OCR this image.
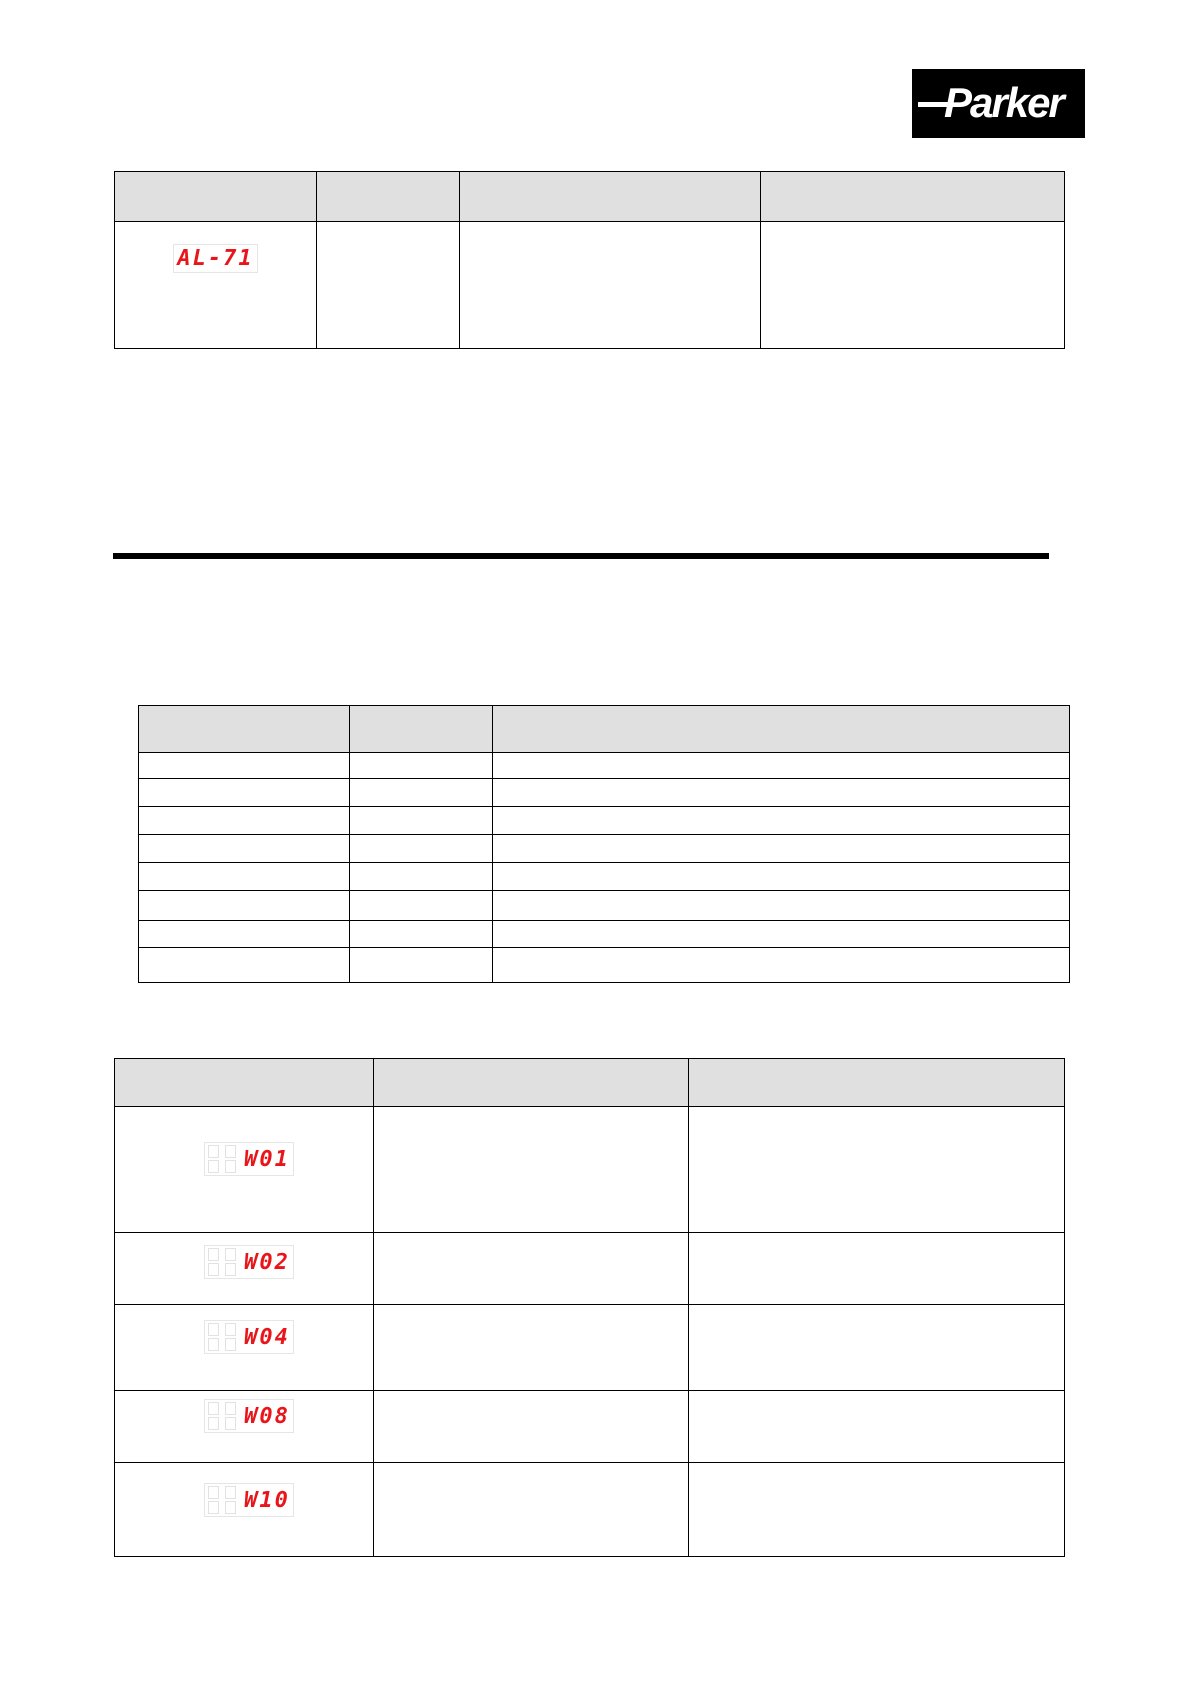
Parker

AL-71			

W01		

W02		

W04		

W08		

W10		
